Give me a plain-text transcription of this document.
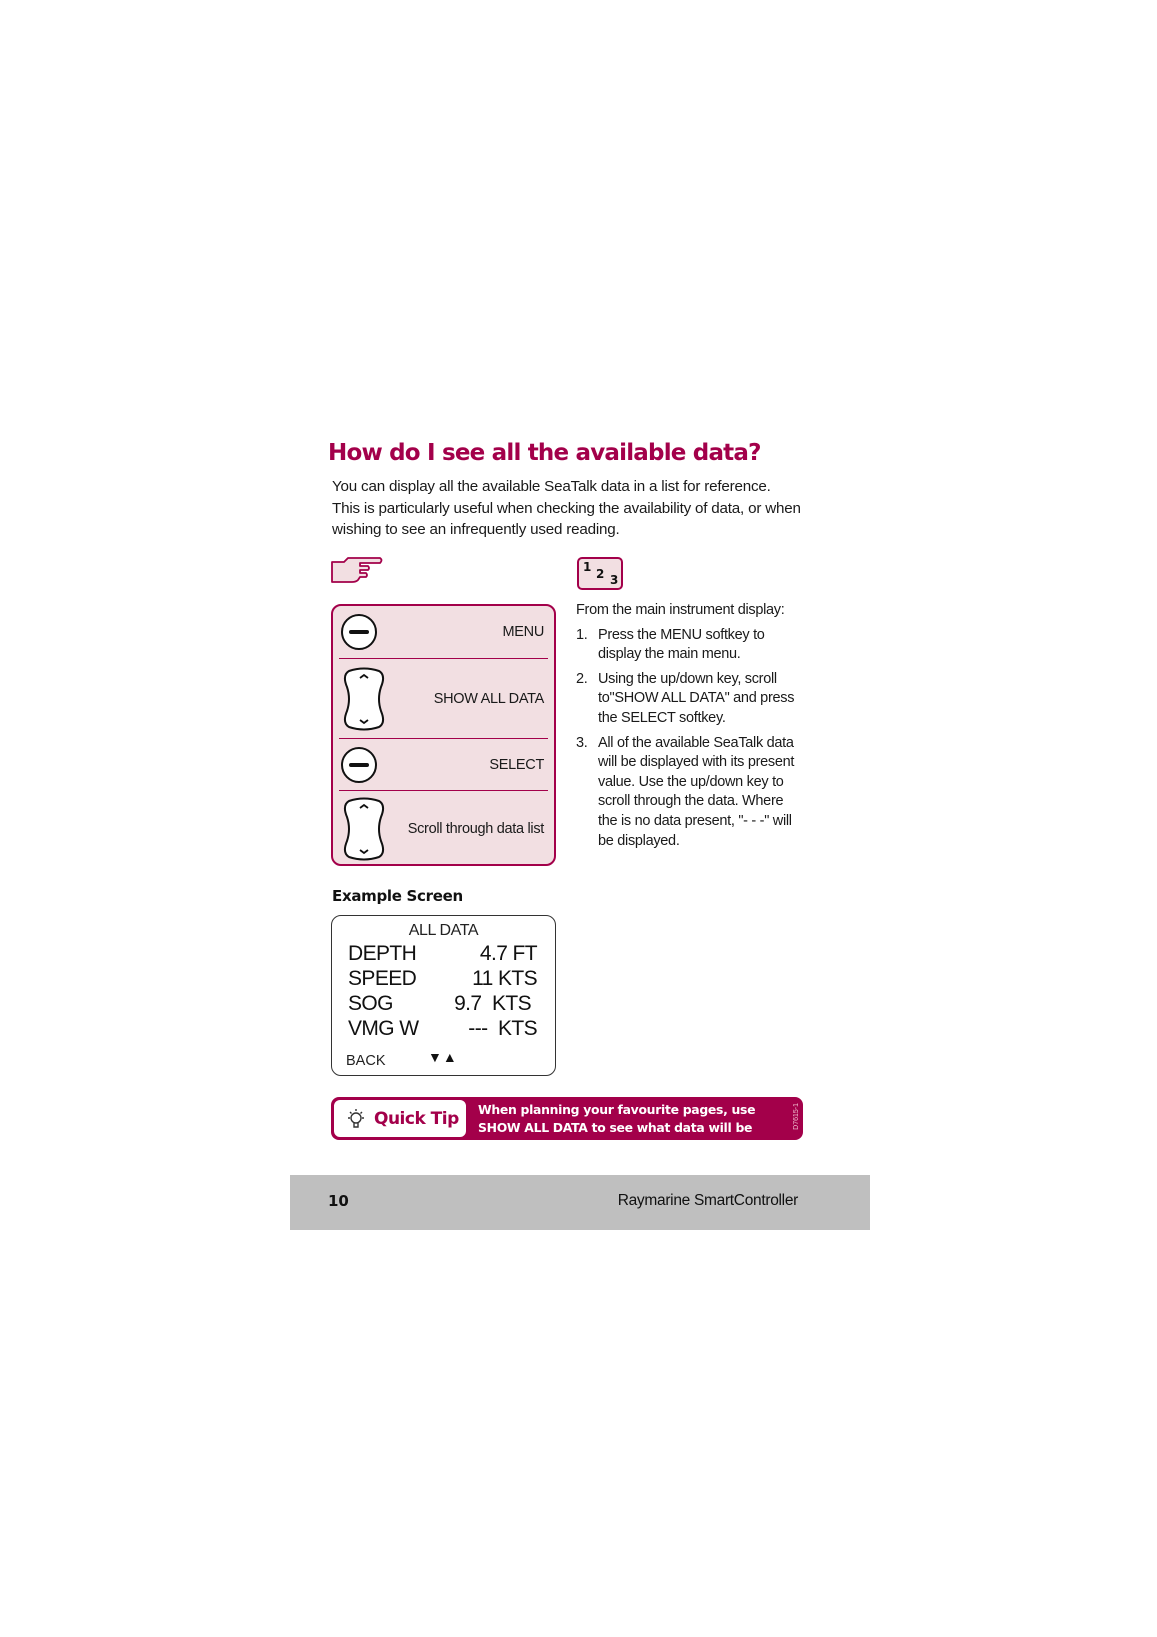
How do I see all the available data?
You can display all the available SeaTalk data in a list for reference. This is particularly useful when checking the availability of data, or when wishing to see an infrequently used reading.
1 2 3
MENU
SHOW ALL DATA
SELECT
Scroll through data list
From the main instrument display:
1. Press the MENU softkey to display the main menu.
2. Using the up/down key, scroll to"SHOW ALL DATA" and press the SELECT softkey.
3. All of the available SeaTalk data will be displayed with its present value. Use the up/down key to scroll through the data. Where the is no data present, "- - -" will be displayed.
Example Screen
ALL DATA
DEPTH	4.7 FT
SPEED	11 KTS
SOG	9.7  KTS
VMG W ---  KTS
BACK	▼▲
Quick Tip When planning your favourite pages, use SHOW ALL DATA to see what data will be shown
D7615-1
10	Raymarine SmartController
